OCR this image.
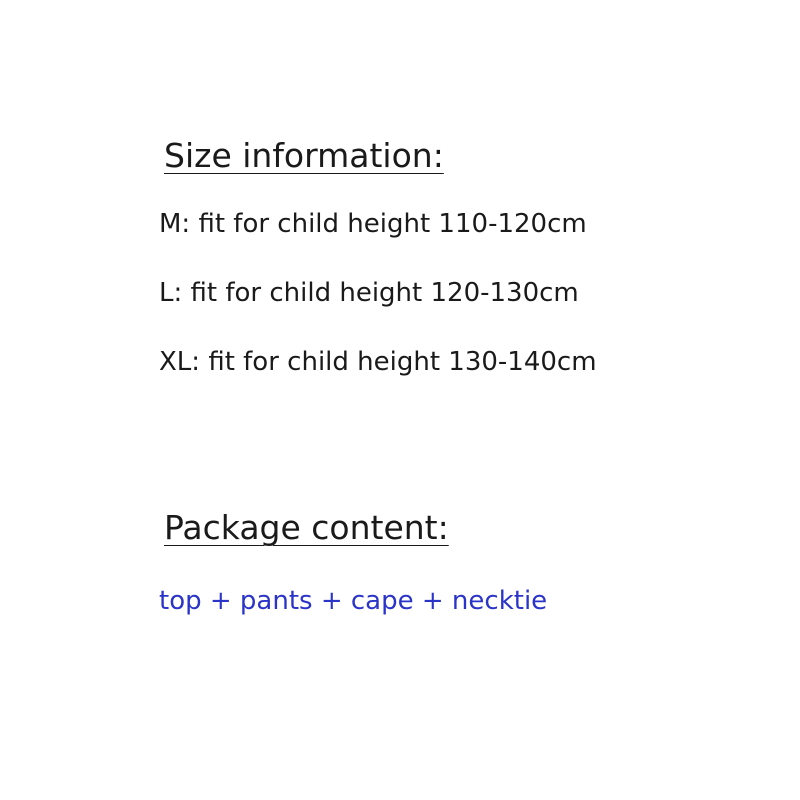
Size information:

M: fit for child height 110-120cm

L: fit for child height 120-130cm

XL: fit for child height 130-140cm

Package content:

top + pants + cape + necktie
